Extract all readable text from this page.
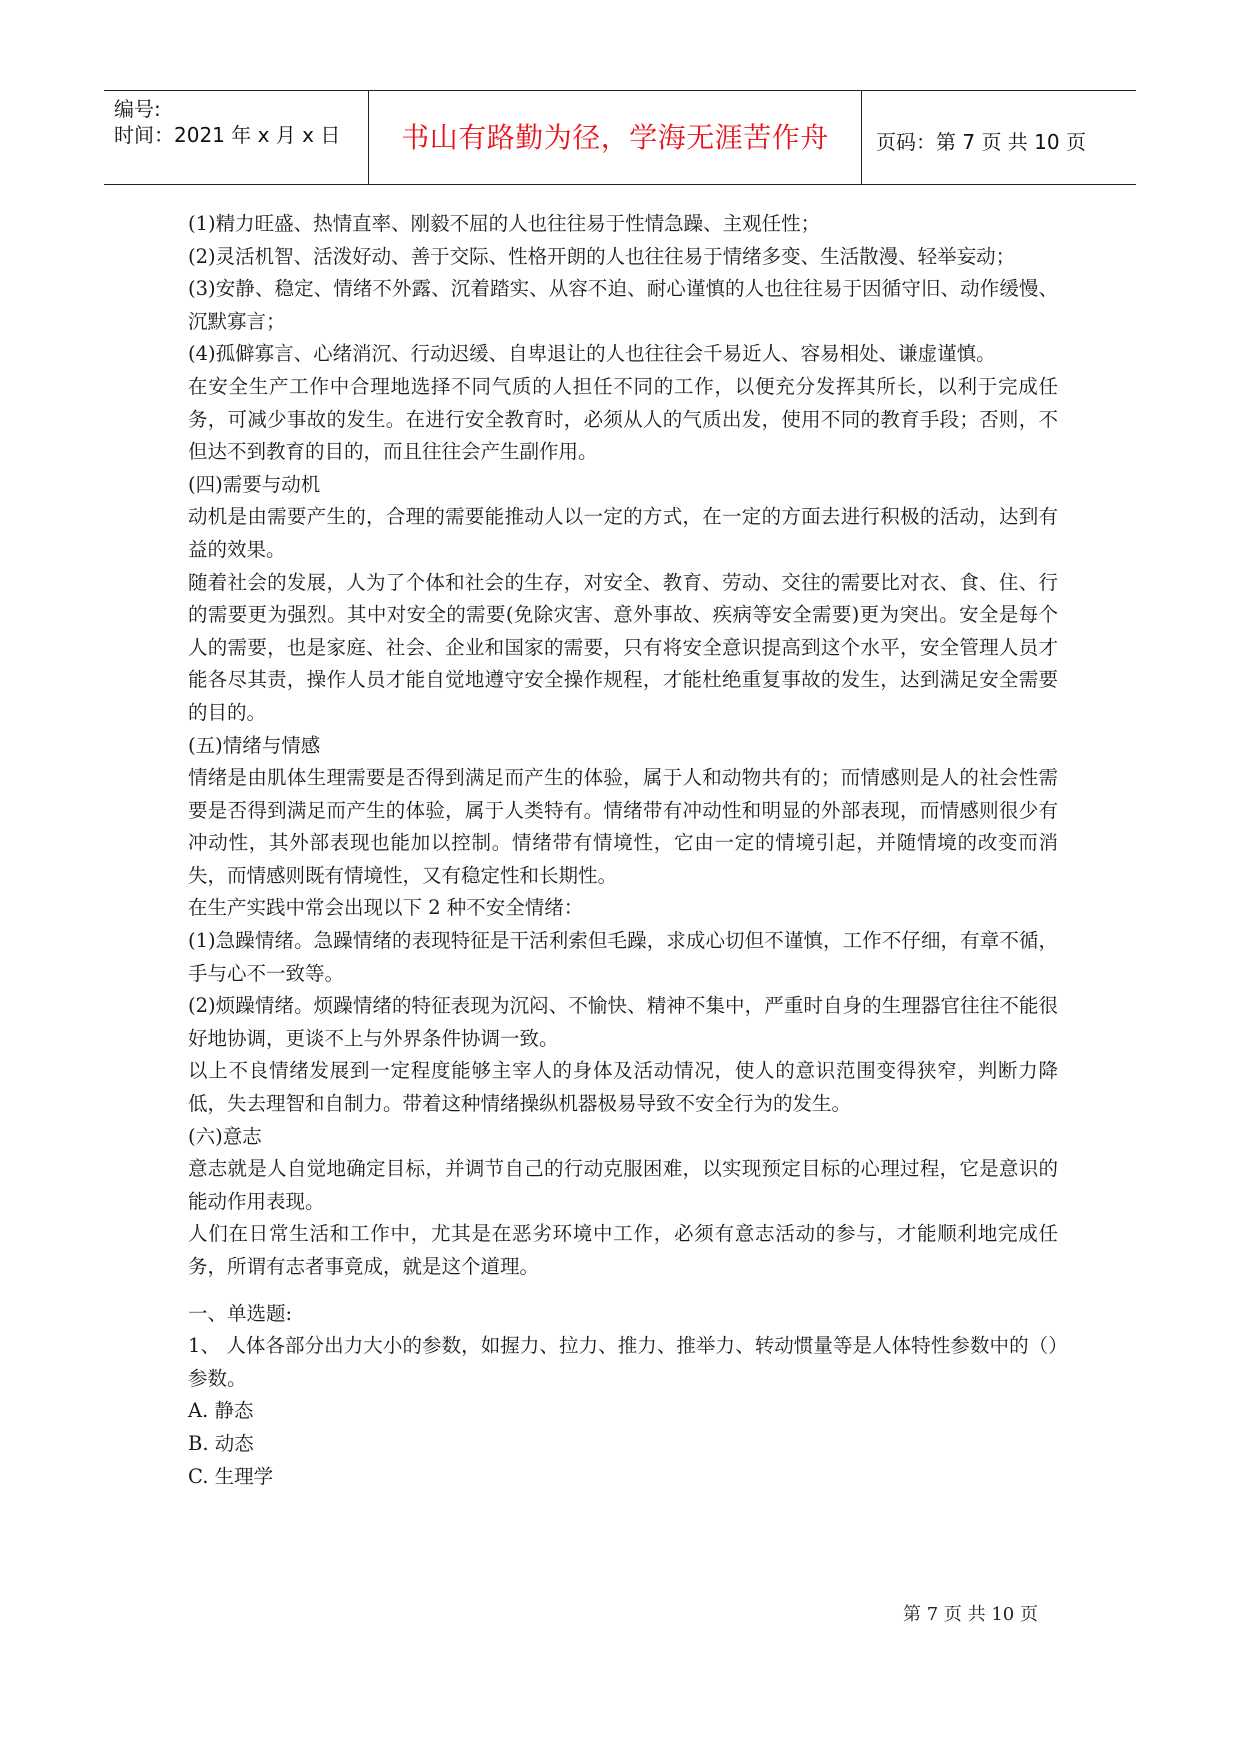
编号:
时间：2021 年 x 月 x 日	书山有路勤为径，学海无涯苦作舟	页码：第 7 页 共 10 页

(1)精力旺盛、热情直率、刚毅不屈的人也往往易于性情急躁、主观任性；

(2)灵活机智、活泼好动、善于交际、性格开朗的人也往往易于情绪多变、生活散漫、轻举妄动；

(3)安静、稳定、情绪不外露、沉着踏实、从容不迫、耐心谨慎的人也往往易于因循守旧、动作缓慢、沉默寡言；

(4)孤僻寡言、心绪消沉、行动迟缓、自卑退让的人也往往会千易近人、容易相处、谦虚谨慎。

在安全生产工作中合理地选择不同气质的人担任不同的工作，以便充分发挥其所长，以利于完成任务，可减少事故的发生。在进行安全教育时，必须从人的气质出发，使用不同的教育手段；否则，不但达不到教育的目的，而且往往会产生副作用。

(四)需要与动机

动机是由需要产生的，合理的需要能推动人以一定的方式，在一定的方面去进行积极的活动，达到有益的效果。

随着社会的发展，人为了个体和社会的生存，对安全、教育、劳动、交往的需要比对衣、食、住、行的需要更为强烈。其中对安全的需要(免除灾害、意外事故、疾病等安全需要)更为突出。安全是每个人的需要，也是家庭、社会、企业和国家的需要，只有将安全意识提高到这个水平，安全管理人员才能各尽其责，操作人员才能自觉地遵守安全操作规程，才能杜绝重复事故的发生，达到满足安全需要的目的。

(五)情绪与情感

情绪是由肌体生理需要是否得到满足而产生的体验，属于人和动物共有的；而情感则是人的社会性需要是否得到满足而产生的体验，属于人类特有。情绪带有冲动性和明显的外部表现，而情感则很少有冲动性，其外部表现也能加以控制。情绪带有情境性，它由一定的情境引起，并随情境的改变而消失，而情感则既有情境性，又有稳定性和长期性。

在生产实践中常会出现以下 2 种不安全情绪：

(1)急躁情绪。急躁情绪的表现特征是干活利索但毛躁，求成心切但不谨慎，工作不仔细，有章不循，手与心不一致等。

(2)烦躁情绪。烦躁情绪的特征表现为沉闷、不愉快、精神不集中，严重时自身的生理器官往往不能很好地协调，更谈不上与外界条件协调一致。

以上不良情绪发展到一定程度能够主宰人的身体及活动情况，使人的意识范围变得狭窄，判断力降低，失去理智和自制力。带着这种情绪操纵机器极易导致不安全行为的发生。

(六)意志

意志就是人自觉地确定目标，并调节自己的行动克服困难，以实现预定目标的心理过程，它是意识的能动作用表现。

人们在日常生活和工作中，尤其是在恶劣环境中工作，必须有意志活动的参与，才能顺利地完成任务，所谓有志者事竟成，就是这个道理。

一、单选题:

1、 人体各部分出力大小的参数，如握力、拉力、推力、推举力、转动惯量等是人体特性参数中的（）参数。

A. 静态

B. 动态

C. 生理学

第 7 页 共 10 页
